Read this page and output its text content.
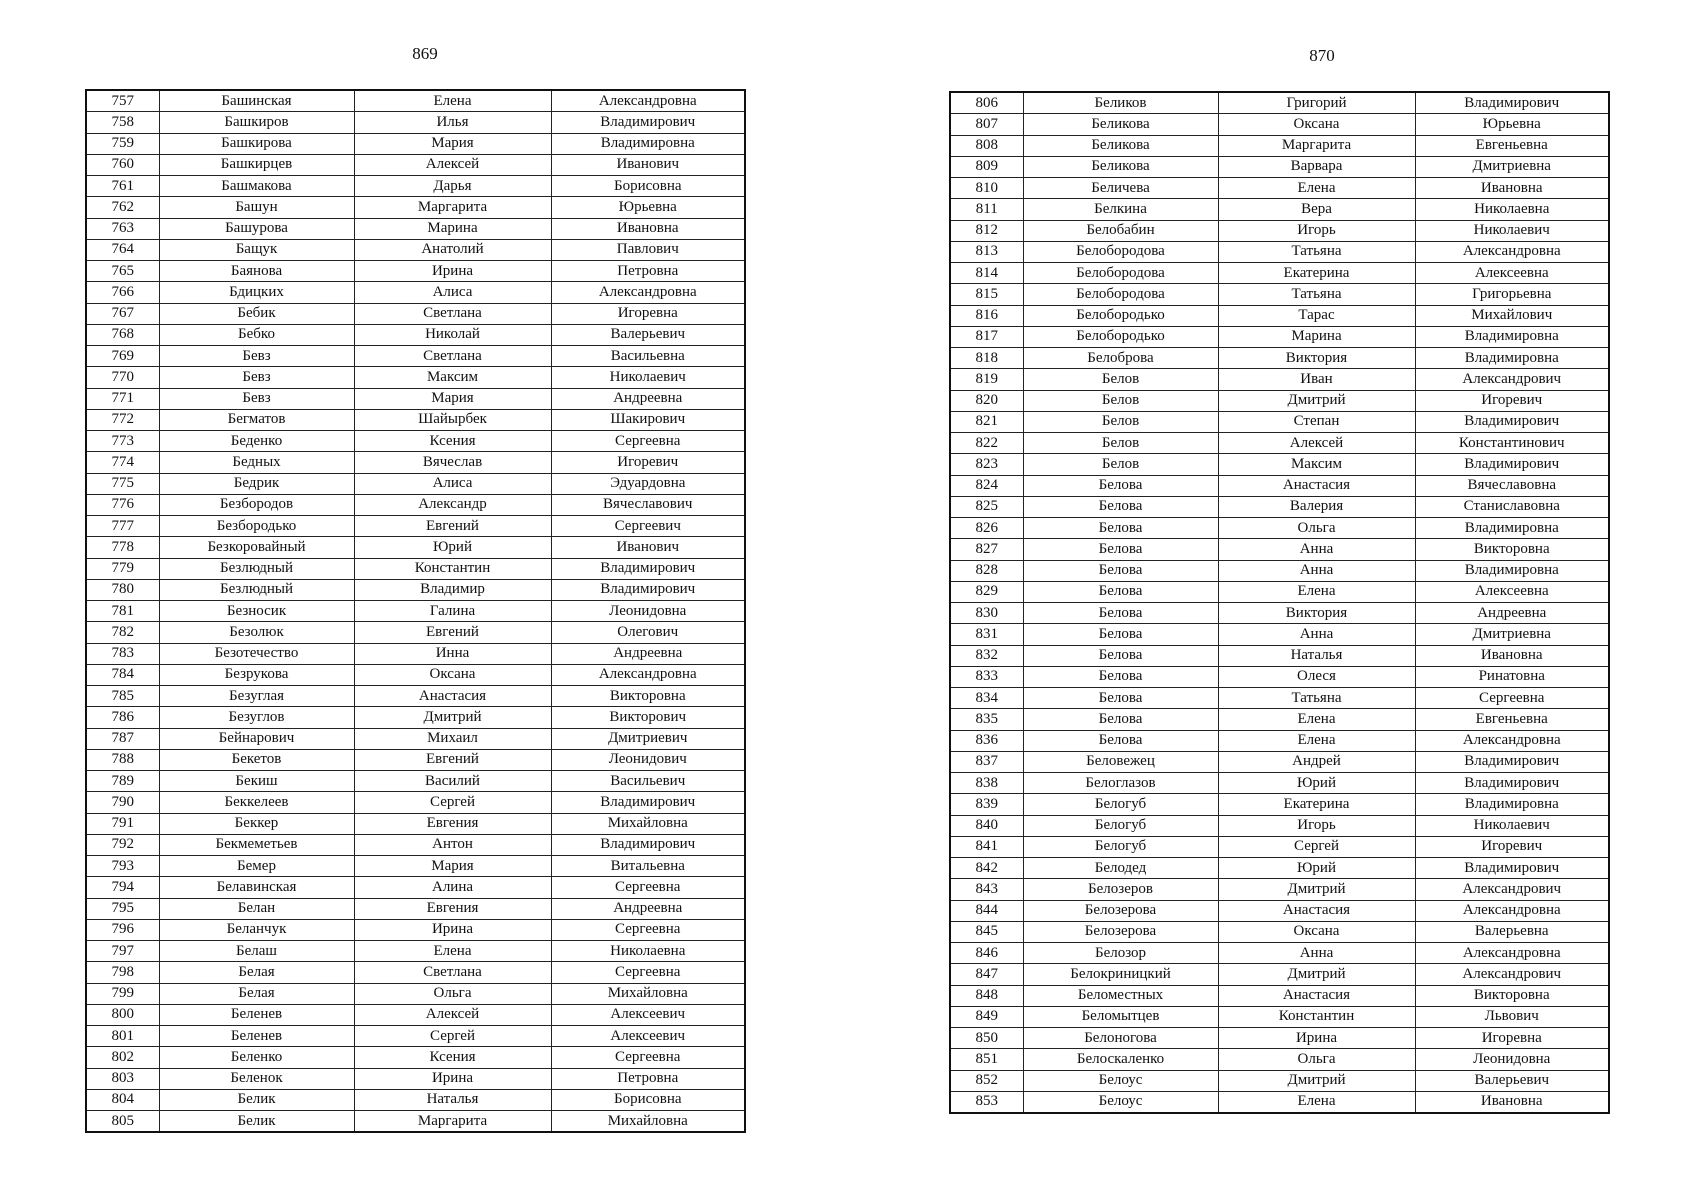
869
757	Башинская	Елена	Александровна
758	Башкиров	Илья	Владимирович
759	Башкирова	Мария	Владимировна
760	Башкирцев	Алексей	Иванович
761	Башмакова	Дарья	Борисовна
762	Башун	Маргарита	Юрьевна
763	Башурова	Марина	Ивановна
764	Бащук	Анатолий	Павлович
765	Баянова	Ирина	Петровна
766	Бдицких	Алиса	Александровна
767	Бебик	Светлана	Игоревна
768	Бебко	Николай	Валерьевич
769	Бевз	Светлана	Васильевна
770	Бевз	Максим	Николаевич
771	Бевз	Мария	Андреевна
772	Бегматов	Шайырбек	Шакирович
773	Беденко	Ксения	Сергеевна
774	Бедных	Вячеслав	Игоревич
775	Бедрик	Алиса	Эдуардовна
776	Безбородов	Александр	Вячеславович
777	Безбородько	Евгений	Сергеевич
778	Безкоровайный	Юрий	Иванович
779	Безлюдный	Константин	Владимирович
780	Безлюдный	Владимир	Владимирович
781	Безносик	Галина	Леонидовна
782	Безолюк	Евгений	Олегович
783	Безотечество	Инна	Андреевна
784	Безрукова	Оксана	Александровна
785	Безуглая	Анастасия	Викторовна
786	Безуглов	Дмитрий	Викторович
787	Бейнарович	Михаил	Дмитриевич
788	Бекетов	Евгений	Леонидович
789	Бекиш	Василий	Васильевич
790	Беккелеев	Сергей	Владимирович
791	Беккер	Евгения	Михайловна
792	Бекмеметьев	Антон	Владимирович
793	Бемер	Мария	Витальевна
794	Белавинская	Алина	Сергеевна
795	Белан	Евгения	Андреевна
796	Беланчук	Ирина	Сергеевна
797	Белаш	Елена	Николаевна
798	Белая	Светлана	Сергеевна
799	Белая	Ольга	Михайловна
800	Беленев	Алексей	Алексеевич
801	Беленев	Сергей	Алексеевич
802	Беленко	Ксения	Сергеевна
803	Беленок	Ирина	Петровна
804	Белик	Наталья	Борисовна
805	Белик	Маргарита	Михайловна
870
806	Беликов	Григорий	Владимирович
807	Беликова	Оксана	Юрьевна
808	Беликова	Маргарита	Евгеньевна
809	Беликова	Варвара	Дмитриевна
810	Беличева	Елена	Ивановна
811	Белкина	Вера	Николаевна
812	Белобабин	Игорь	Николаевич
813	Белобородова	Татьяна	Александровна
814	Белобородова	Екатерина	Алексеевна
815	Белобородова	Татьяна	Григорьевна
816	Белобородько	Тарас	Михайлович
817	Белобородько	Марина	Владимировна
818	Белоброва	Виктория	Владимировна
819	Белов	Иван	Александрович
820	Белов	Дмитрий	Игоревич
821	Белов	Степан	Владимирович
822	Белов	Алексей	Константинович
823	Белов	Максим	Владимирович
824	Белова	Анастасия	Вячеславовна
825	Белова	Валерия	Станиславовна
826	Белова	Ольга	Владимировна
827	Белова	Анна	Викторовна
828	Белова	Анна	Владимировна
829	Белова	Елена	Алексеевна
830	Белова	Виктория	Андреевна
831	Белова	Анна	Дмитриевна
832	Белова	Наталья	Ивановна
833	Белова	Олеся	Ринатовна
834	Белова	Татьяна	Сергеевна
835	Белова	Елена	Евгеньевна
836	Белова	Елена	Александровна
837	Беловежец	Андрей	Владимирович
838	Белоглазов	Юрий	Владимирович
839	Белогуб	Екатерина	Владимировна
840	Белогуб	Игорь	Николаевич
841	Белогуб	Сергей	Игоревич
842	Белодед	Юрий	Владимирович
843	Белозеров	Дмитрий	Александрович
844	Белозерова	Анастасия	Александровна
845	Белозерова	Оксана	Валерьевна
846	Белозор	Анна	Александровна
847	Белокриницкий	Дмитрий	Александрович
848	Беломестных	Анастасия	Викторовна
849	Беломытцев	Константин	Львович
850	Белоногова	Ирина	Игоревна
851	Белоскаленко	Ольга	Леонидовна
852	Белоус	Дмитрий	Валерьевич
853	Белоус	Елена	Ивановна
